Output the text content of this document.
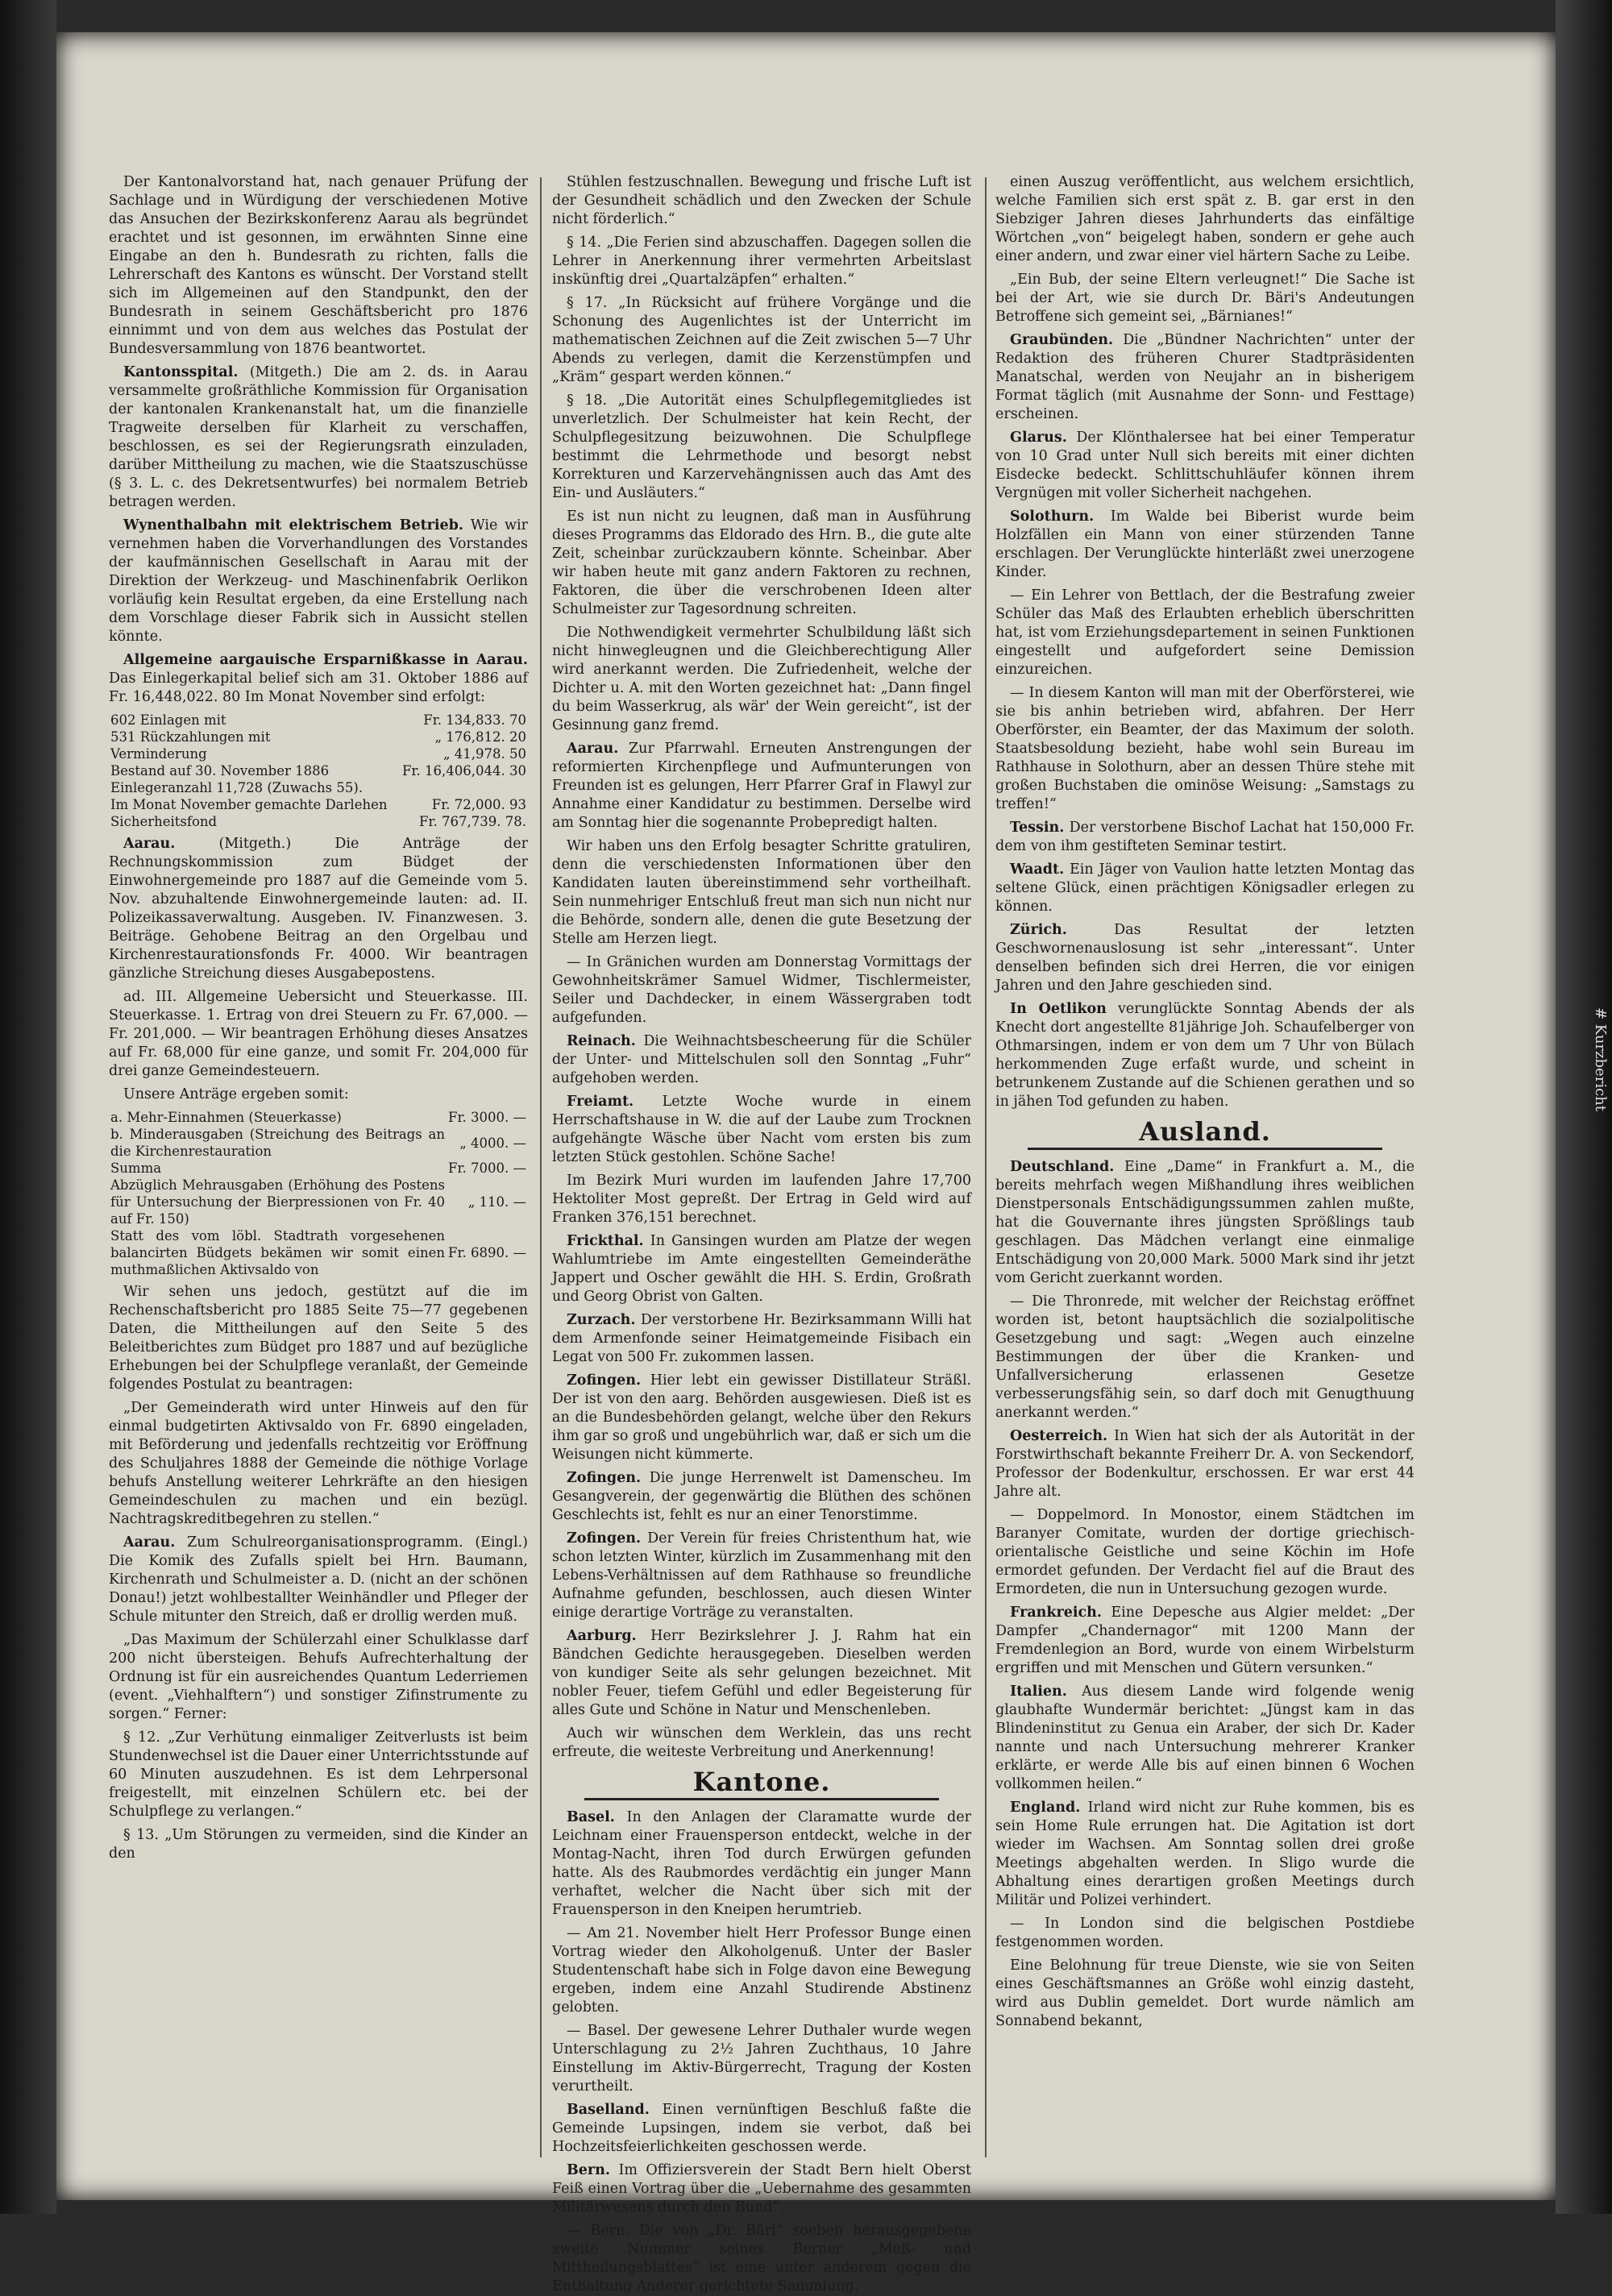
# Kurzbericht

Der Kantonalvorstand hat, nach genauer Prüfung der Sachlage und in Würdigung der verschiedenen Motive das Ansuchen der Bezirkskonferenz Aarau als begründet erachtet und ist gesonnen, im erwähnten Sinne eine Eingabe an den h. Bundesrath zu richten, falls die Lehrerschaft des Kantons es wünscht. Der Vorstand stellt sich im Allgemeinen auf den Standpunkt, den der Bundesrath in seinem Geschäftsbericht pro 1876 einnimmt und von dem aus welches das Postulat der Bundesversammlung von 1876 beantwortet.

Kantonsspital. (Mitgeth.) Die am 2. ds. in Aarau versammelte großräthliche Kommission für Organisation der kantonalen Krankenanstalt hat, um die finanzielle Tragweite derselben für Klarheit zu verschaffen, beschlossen, es sei der Regierungsrath einzuladen, darüber Mittheilung zu machen, wie die Staatszuschüsse (§ 3. L. c. des Dekretsentwurfes) bei normalem Betrieb betragen werden.

Wynenthalbahn mit elektrischem Betrieb. Wie wir vernehmen haben die Vorverhandlungen des Vorstandes der kaufmännischen Gesellschaft in Aarau mit der Direktion der Werkzeug- und Maschinenfabrik Oerlikon vorläufig kein Resultat ergeben, da eine Erstellung nach dem Vorschlage dieser Fabrik sich in Aussicht stellen könnte.

Allgemeine aargauische Ersparnißkasse in Aarau. Das Einlegerkapital belief sich am 31. Oktober 1886 auf Fr. 16,448,022. 80 Im Monat November sind erfolgt:

602 Einlagen mit	Fr. 134,833. 70
531 Rückzahlungen mit	„ 176,812. 20
Verminderung	„ 41,978. 50
Bestand auf 30. November 1886	Fr. 16,406,044. 30
Einlegeranzahl 11,728 (Zuwachs 55).	
Im Monat November gemachte Darlehen	Fr. 72,000. 93
Sicherheitsfond	Fr. 767,739. 78.

Aarau.	(Mitgeth.) Die Anträge der Rechnungskommission zum Büdget der Einwohnergemeinde pro 1887 auf die Gemeinde vom 5. Nov. abzuhaltende Einwohnergemeinde lauten: ad. II. Polizeikassaverwaltung. Ausgeben. IV. Finanzwesen. 3. Beiträge. Gehobene Beitrag an den Orgelbau und Kirchenrestaurationsfonds Fr. 4000. Wir beantragen gänzliche Streichung dieses Ausgabepostens.

ad. III. Allgemeine Uebersicht und Steuerkasse. III. Steuerkasse. 1. Ertrag von drei Steuern zu Fr. 67,000. — Fr. 201,000. — Wir beantragen Erhöhung dieses Ansatzes auf Fr. 68,000 für eine ganze, und somit Fr. 204,000 für drei ganze Gemeindesteuern.

Unsere Anträge ergeben somit:

a. Mehr-Einnahmen (Steuerkasse)	Fr. 3000. —
b. Minderausgaben (Streichung des Beitrags an die Kirchenrestauration	„ 4000. —
Summa	Fr. 7000. —
Abzüglich Mehrausgaben (Erhöhung des Postens für Untersuchung der Bierpressionen von Fr. 40 auf Fr. 150)	„ 110. —
Statt des vom löbl. Stadtrath vorgesehenen balancirten Büdgets bekämen wir somit einen muthmaßlichen Aktivsaldo von	Fr. 6890. —

Wir sehen uns jedoch, gestützt auf die im Rechenschaftsbericht pro 1885 Seite 75—77 gegebenen Daten, die Mittheilungen auf den Seite 5 des Beleitberichtes zum Büdget pro 1887 und auf bezügliche Erhebungen bei der Schulpflege veranlaßt, der Gemeinde folgendes Postulat zu beantragen:

„Der Gemeinderath wird unter Hinweis auf den für einmal budgetirten Aktivsaldo von Fr. 6890 eingeladen, mit Beförderung und jedenfalls rechtzeitig vor Eröffnung des Schuljahres 1888 der Gemeinde die nöthige Vorlage behufs Anstellung weiterer Lehrkräfte an den hiesigen Gemeindeschulen zu machen und ein bezügl. Nachtragskreditbegehren zu stellen.“

Aarau. Zum Schulreorganisationsprogramm. (Eingl.) Die Komik des Zufalls spielt bei Hrn. Baumann, Kirchenrath und Schulmeister a. D. (nicht an der schönen Donau!) jetzt wohlbestallter Weinhändler und Pfleger der Schule mitunter den Streich, daß er drollig werden muß.

„Das Maximum der Schülerzahl einer Schulklasse darf 200 nicht übersteigen. Behufs Aufrechterhaltung der Ordnung ist für ein ausreichendes Quantum Lederriemen (event. „Viehhalftern“) und sonstiger Zifinstrumente zu sorgen.“ Ferner:

§ 12. „Zur Verhütung einmaliger Zeitverlusts ist beim Stundenwechsel ist die Dauer einer Unterrichtsstunde auf 60 Minuten auszudehnen. Es ist dem Lehrpersonal freigestellt, mit einzelnen Schülern etc. bei der Schulpflege zu verlangen.“

§ 13. „Um Störungen zu vermeiden, sind die Kinder an den

Stühlen festzuschnallen. Bewegung und frische Luft ist der Gesundheit schädlich und den Zwecken der Schule nicht förderlich.“

§ 14. „Die Ferien sind abzuschaffen. Dagegen sollen die Lehrer in Anerkennung ihrer vermehrten Arbeitslast inskünftig drei „Quartalzäpfen“ erhalten.“

§ 17. „In Rücksicht auf frühere Vorgänge und die Schonung des Augenlichtes ist der Unterricht im mathematischen Zeichnen auf die Zeit zwischen 5—7 Uhr Abends zu verlegen, damit die Kerzenstümpfen und „Kräm“ gespart werden können.“

§ 18. „Die Autorität eines Schulpflegemitgliedes ist unverletzlich. Der Schulmeister hat kein Recht, der Schulpflegesitzung beizuwohnen. Die Schulpflege bestimmt die Lehrmethode und besorgt nebst Korrekturen und Karzervehängnissen auch das Amt des Ein- und Ausläuters.“

Es ist nun nicht zu leugnen, daß man in Ausführung dieses Programms das Eldorado des Hrn. B., die gute alte Zeit, scheinbar zurückzaubern könnte. Scheinbar. Aber wir haben heute mit ganz andern Faktoren zu rechnen, Faktoren, die über die verschrobenen Ideen alter Schulmeister zur Tagesordnung schreiten.

Die Nothwendigkeit vermehrter Schulbildung läßt sich nicht hinwegleugnen und die Gleichberechtigung Aller wird anerkannt werden. Die Zufriedenheit, welche der Dichter u. A. mit den Worten gezeichnet hat: „Dann fingel du beim Wasserkrug, als wär' der Wein gereicht“, ist der Gesinnung ganz fremd.

Aarau. Zur Pfarrwahl. Erneuten Anstrengungen der reformierten Kirchenpflege und Aufmunterungen von Freunden ist es gelungen, Herr Pfarrer Graf in Flawyl zur Annahme einer Kandidatur zu bestimmen. Derselbe wird am Sonntag hier die sogenannte Probepredigt halten.

Wir haben uns den Erfolg besagter Schritte gratuliren, denn die verschiedensten Informationen über den Kandidaten lauten übereinstimmend sehr vortheilhaft. Sein nunmehriger Entschluß freut man sich nun nicht nur die Behörde, sondern alle, denen die gute Besetzung der Stelle am Herzen liegt.

— In Gränichen wurden am Donnerstag Vormittags der Gewohnheitskrämer Samuel Widmer, Tischlermeister, Seiler und Dachdecker, in einem Wässergraben todt aufgefunden.

Reinach. Die Weihnachtsbescheerung für die Schüler der Unter- und Mittelschulen soll den Sonntag „Fuhr“ aufgehoben werden.

Freiamt. Letzte Woche wurde in einem Herrschaftshause in W. die auf der Laube zum Trocknen aufgehängte Wäsche über Nacht vom ersten bis zum letzten Stück gestohlen. Schöne Sache!

Im Bezirk Muri wurden im laufenden Jahre 17,700 Hektoliter Most gepreßt. Der Ertrag in Geld wird auf Franken 376,151 berechnet.

Frickthal. In Gansingen wurden am Platze der wegen Wahlumtriebe im Amte eingestellten Gemeinderäthe Jappert und Oscher gewählt die HH. S. Erdin, Großrath und Georg Obrist von Galten.

Zurzach. Der verstorbene Hr. Bezirksammann Willi hat dem Armenfonde seiner Heimatgemeinde Fisibach ein Legat von 500 Fr. zukommen lassen.

Zofingen. Hier lebt ein gewisser Distillateur Sträßl. Der ist von den aarg. Behörden ausgewiesen. Dieß ist es an die Bundesbehörden gelangt, welche über den Rekurs ihm gar so groß und ungebührlich war, daß er sich um die Weisungen nicht kümmerte.

Zofingen. Die junge Herrenwelt ist Damenscheu. Im Gesangverein, der gegenwärtig die Blüthen des schönen Geschlechts ist, fehlt es nur an einer Tenorstimme.

Zofingen. Der Verein für freies Christenthum hat, wie schon letzten Winter, kürzlich im Zusammenhang mit den Lebens-Verhältnissen auf dem Rathhause so freundliche Aufnahme gefunden, beschlossen, auch diesen Winter einige derartige Vorträge zu veranstalten.

Aarburg. Herr Bezirkslehrer J. J. Rahm hat ein Bändchen Gedichte herausgegeben. Dieselben werden von kundiger Seite als sehr gelungen bezeichnet. Mit nobler Feuer, tiefem Gefühl und edler Begeisterung für alles Gute und Schöne in Natur und Menschenleben.

Auch wir wünschen dem Werklein, das uns recht erfreute, die weiteste Verbreitung und Anerkennung!

Kantone.

Basel. In den Anlagen der Claramatte wurde der Leichnam einer Frauensperson entdeckt, welche in der Montag-Nacht, ihren Tod durch Erwürgen gefunden hatte. Als des Raubmordes verdächtig ein junger Mann verhaftet, welcher die Nacht über sich mit der Frauensperson in den Kneipen herumtrieb.

— Am 21. November hielt Herr Professor Bunge einen Vortrag wieder den Alkoholgenuß. Unter der Basler Studentenschaft habe sich in Folge davon eine Bewegung ergeben, indem eine Anzahl Studirende Abstinenz gelobten.

— Basel. Der gewesene Lehrer Duthaler wurde wegen Unterschlagung zu 2½ Jahren Zuchthaus, 10 Jahre Einstellung im Aktiv-Bürgerrecht, Tragung der Kosten verurtheilt.

Baselland. Einen vernünftigen Beschluß faßte die Gemeinde Lupsingen, indem sie verbot, daß bei Hochzeitsfeierlichkeiten geschossen werde.

Bern. Im Offiziersverein der Stadt Bern hielt Oberst Feiß einen Vortrag über die „Uebernahme des gesammten Militärwesens durch den Bund“.

— Bern. Die von „Dr. Bäri“ soeben herausgegebene zweite Nummer seines Berner „Meß- und Mittheilungsblattes“ ist eine unter anderem gegen die Enthaltung Anderer gerichtete Sammlung.

einen Auszug veröffentlicht, aus welchem ersichtlich, welche Familien sich erst spät z. B. gar erst in den Siebziger Jahren dieses Jahrhunderts das einfältige Wörtchen „von“ beigelegt haben, sondern er gehe auch einer andern, und zwar einer viel härtern Sache zu Leibe.

„Ein Bub, der seine Eltern verleugnet!“ Die Sache ist bei der Art, wie sie durch Dr. Bäri's Andeutungen Betroffene sich gemeint sei, „Bärnianes!“

Graubünden. Die „Bündner Nachrichten“ unter der Redaktion des früheren Churer Stadtpräsidenten Manatschal, werden von Neujahr an in bisherigem Format täglich (mit Ausnahme der Sonn- und Festtage) erscheinen.

Glarus. Der Klönthalersee hat bei einer Temperatur von 10 Grad unter Null sich bereits mit einer dichten Eisdecke bedeckt. Schlittschuhläufer können ihrem Vergnügen mit voller Sicherheit nachgehen.

Solothurn. Im Walde bei Biberist wurde beim Holzfällen ein Mann von einer stürzenden Tanne erschlagen. Der Verunglückte hinterläßt zwei unerzogene Kinder.

— Ein Lehrer von Bettlach, der die Bestrafung zweier Schüler das Maß des Erlaubten erheblich überschritten hat, ist vom Erziehungsdepartement in seinen Funktionen eingestellt und aufgefordert seine Demission einzureichen.

— In diesem Kanton will man mit der Oberförsterei, wie sie bis anhin betrieben wird, abfahren. Der Herr Oberförster, ein Beamter, der das Maximum der soloth. Staatsbesoldung bezieht, habe wohl sein Bureau im Rathhause in Solothurn, aber an dessen Thüre stehe mit großen Buchstaben die ominöse Weisung: „Samstags zu treffen!“

Tessin. Der verstorbene Bischof Lachat hat 150,000 Fr. dem von ihm gestifteten Seminar testirt.

Waadt. Ein Jäger von Vaulion hatte letzten Montag das seltene Glück, einen prächtigen Königsadler erlegen zu können.

Zürich.	Das Resultat der letzten Geschwornenauslosung ist sehr „interessant“. Unter denselben befinden sich drei Herren, die vor einigen Jahren und den Jahre geschieden sind.

In Oetlikon verunglückte Sonntag Abends der als Knecht dort angestellte 81jährige Joh. Schaufelberger von Othmarsingen, indem er von dem um 7 Uhr von Bülach herkommenden Zuge erfaßt wurde, und scheint in betrunkenem Zustande auf die Schienen gerathen und so in jähen Tod gefunden zu haben.

Ausland.

Deutschland. Eine „Dame“ in Frankfurt a. M., die bereits mehrfach wegen Mißhandlung ihres weiblichen Dienstpersonals Entschädigungssummen zahlen mußte, hat die Gouvernante ihres jüngsten Sprößlings taub geschlagen. Das Mädchen verlangt eine einmalige Entschädigung von 20,000 Mark. 5000 Mark sind ihr jetzt vom Gericht zuerkannt worden.

— Die Thronrede, mit welcher der Reichstag eröffnet worden ist, betont hauptsächlich die sozialpolitische Gesetzgebung und sagt: „Wegen auch einzelne Bestimmungen der über die Kranken- und Unfallversicherung erlassenen Gesetze verbesserungsfähig sein, so darf doch mit Genugthuung anerkannt werden.“

Oesterreich. In Wien hat sich der als Autorität in der Forstwirthschaft bekannte Freiherr Dr. A. von Seckendorf, Professor der Bodenkultur, erschossen. Er war erst 44 Jahre alt.

— Doppelmord. In Monostor, einem Städtchen im Baranyer Comitate, wurden der dortige griechisch-orientalische Geistliche und seine Köchin im Hofe ermordet gefunden. Der Verdacht fiel auf die Braut des Ermordeten, die nun in Untersuchung gezogen wurde.

Frankreich. Eine Depesche aus Algier meldet: „Der Dampfer „Chandernagor“ mit 1200 Mann der Fremdenlegion an Bord, wurde von einem Wirbelsturm ergriffen und mit Menschen und Gütern versunken.“

Italien. Aus diesem Lande wird folgende wenig glaubhafte Wundermär berichtet: „Jüngst kam in das Blindeninstitut zu Genua ein Araber, der sich Dr. Kader nannte und nach Untersuchung mehrerer Kranker erklärte, er werde Alle bis auf einen binnen 6 Wochen vollkommen heilen.“

England. Irland wird nicht zur Ruhe kommen, bis es sein Home Rule errungen hat. Die Agitation ist dort wieder im Wachsen. Am Sonntag sollen drei große Meetings abgehalten werden. In Sligo wurde die Abhaltung eines derartigen großen Meetings durch Militär und Polizei verhindert.

— In London sind die belgischen Postdiebe festgenommen worden.

Eine Belohnung für treue Dienste, wie sie von Seiten eines Geschäftsmannes an Größe wohl einzig dasteht, wird aus Dublin gemeldet. Dort wurde nämlich am Sonnabend bekannt,
